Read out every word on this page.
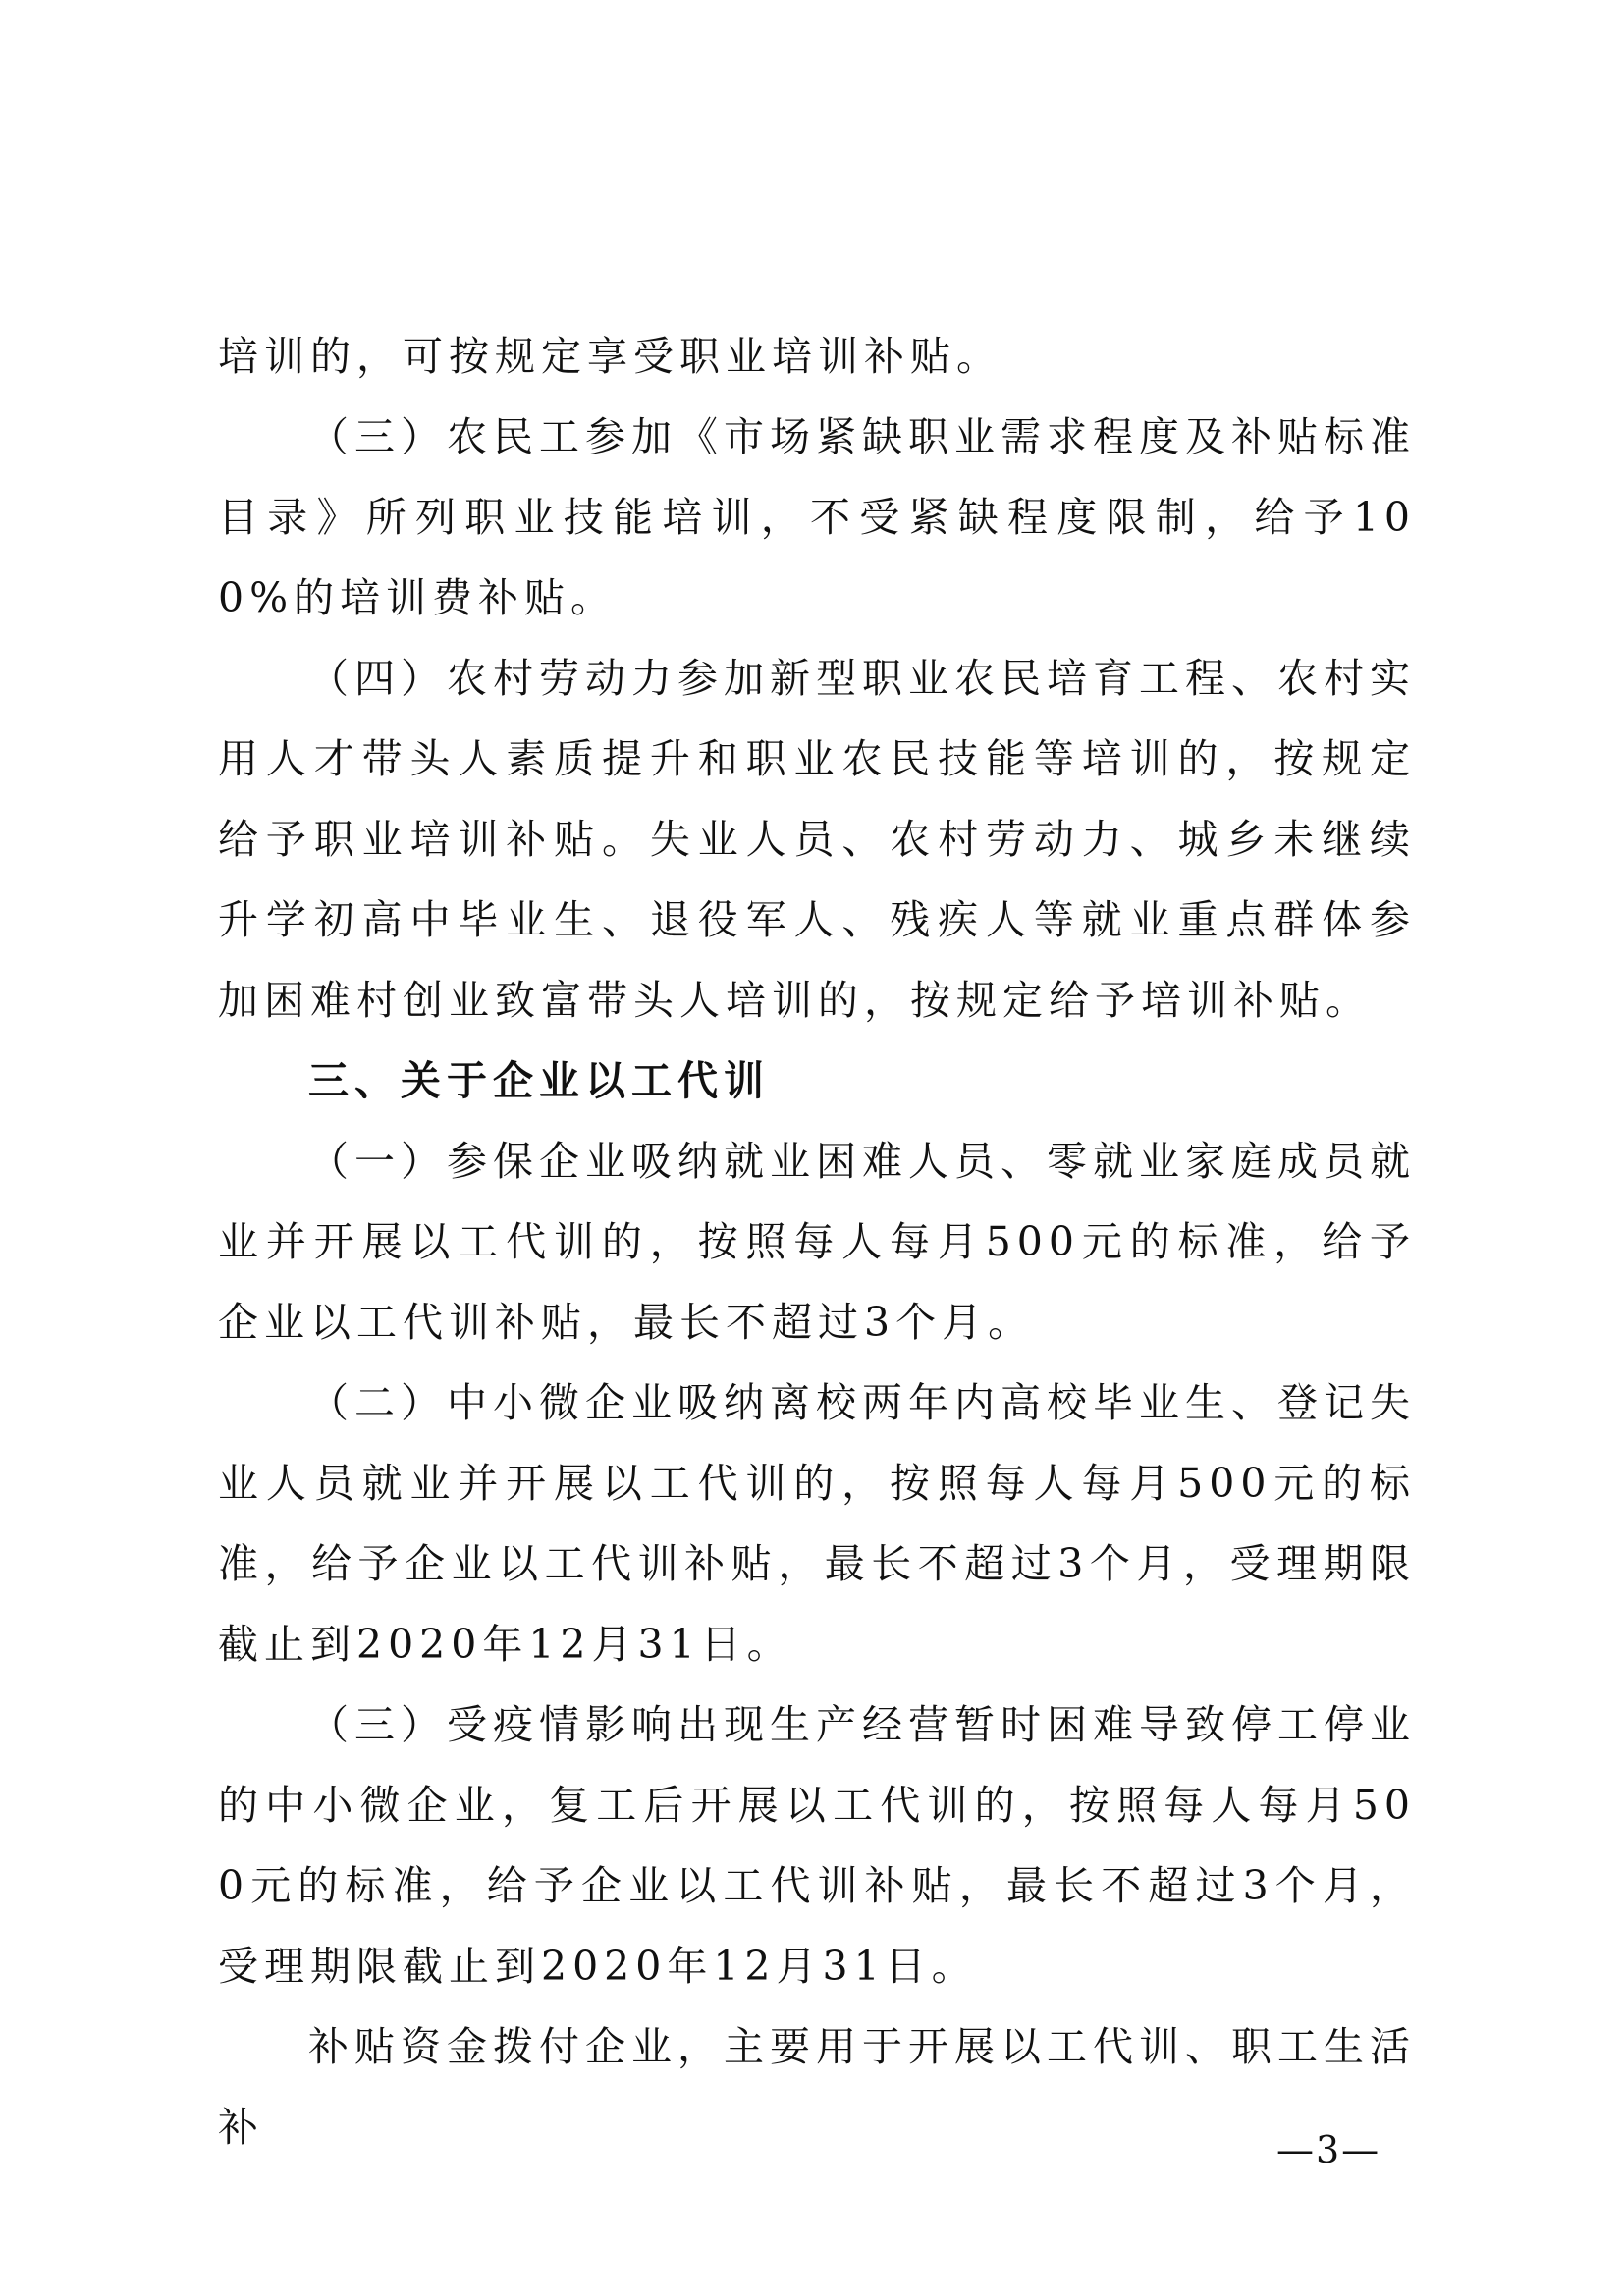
培训的，可按规定享受职业培训补贴。

（三）农民工参加《市场紧缺职业需求程度及补贴标准目录》所列职业技能培训，不受紧缺程度限制，给予100%的培训费补贴。

（四）农村劳动力参加新型职业农民培育工程、农村实用人才带头人素质提升和职业农民技能等培训的，按规定给予职业培训补贴。失业人员、农村劳动力、城乡未继续升学初高中毕业生、退役军人、残疾人等就业重点群体参加困难村创业致富带头人培训的，按规定给予培训补贴。

三、关于企业以工代训

（一）参保企业吸纳就业困难人员、零就业家庭成员就业并开展以工代训的，按照每人每月500元的标准，给予企业以工代训补贴，最长不超过3个月。

（二）中小微企业吸纳离校两年内高校毕业生、登记失业人员就业并开展以工代训的，按照每人每月500元的标准，给予企业以工代训补贴，最长不超过3个月，受理期限截止到2020年12月31日。

（三）受疫情影响出现生产经营暂时困难导致停工停业的中小微企业，复工后开展以工代训的，按照每人每月500元的标准，给予企业以工代训补贴，最长不超过3个月，受理期限截止到2020年12月31日。

补贴资金拨付企业，主要用于开展以工代训、职工生活补	—3—
